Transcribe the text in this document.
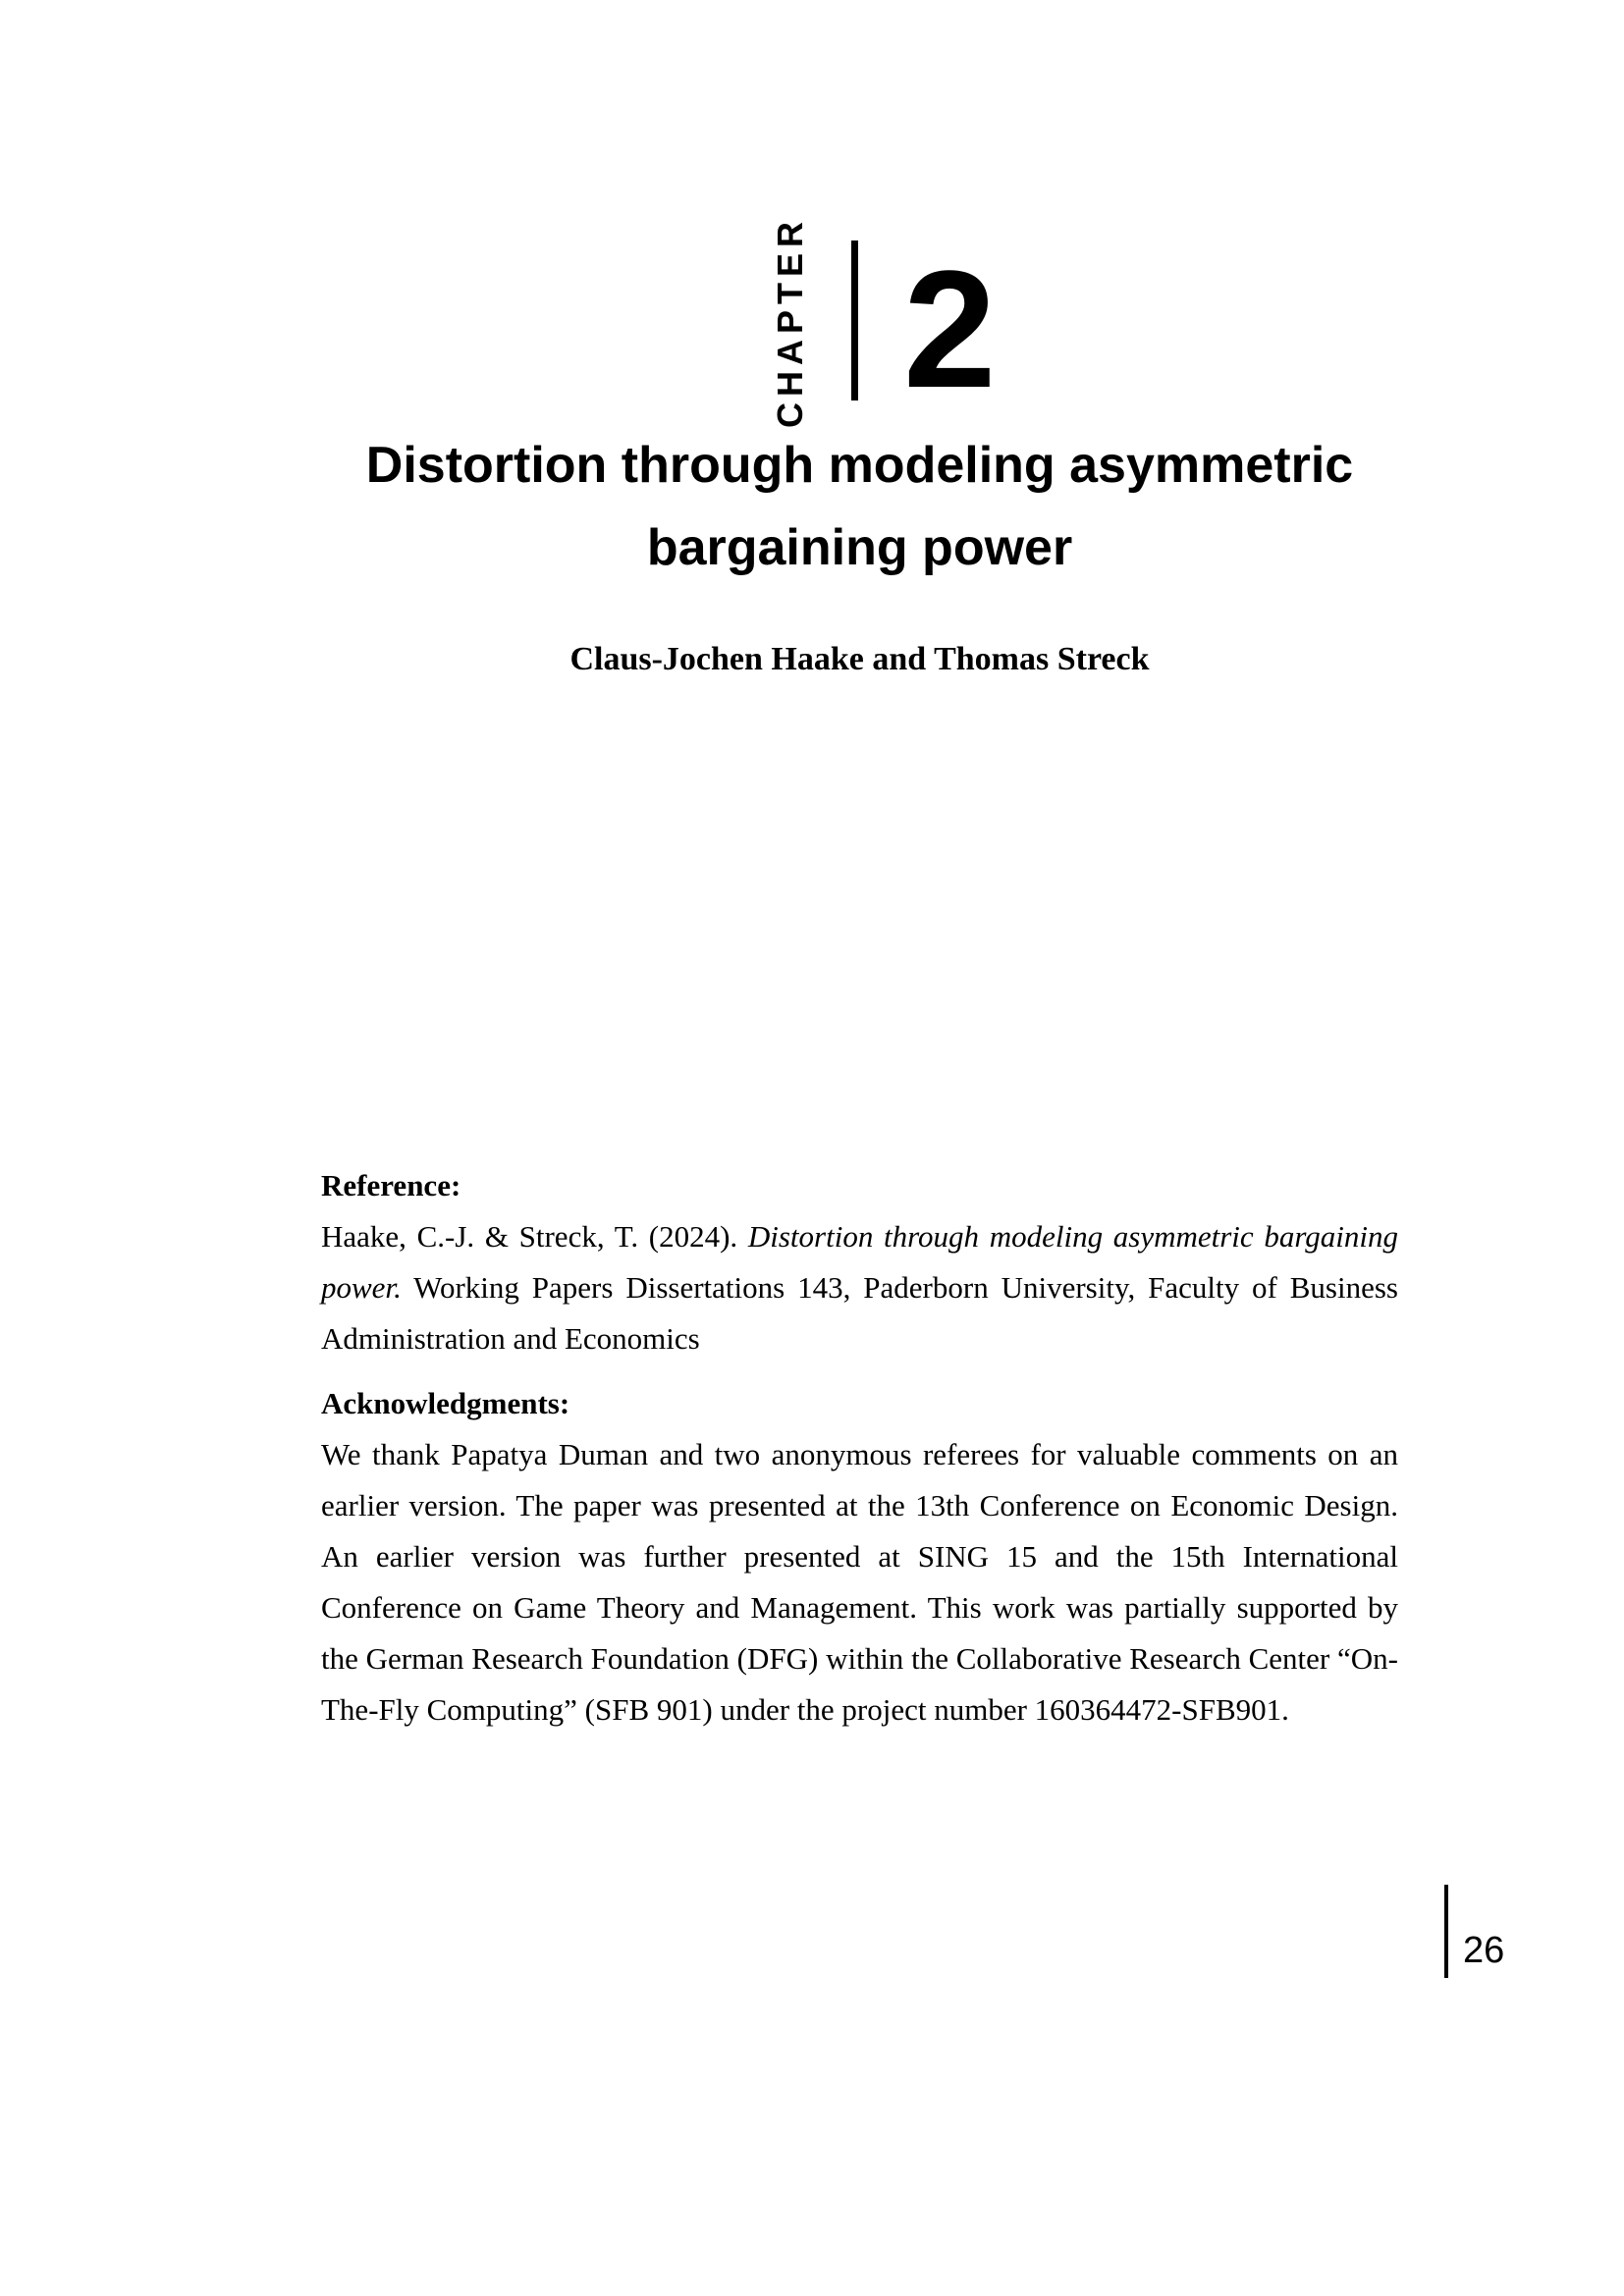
CHAPTER 2
Distortion through modeling asymmetric
bargaining power
Claus-Jochen Haake and Thomas Streck
Reference:

Haake, C.-J. & Streck, T. (2024). Distortion through modeling asymmetric bargaining power. Working Papers Dissertations 143, Paderborn University, Faculty of Business Administration and Economics

Acknowledgments:

We thank Papatya Duman and two anonymous referees for valuable comments on an earlier version. The paper was presented at the 13th Conference on Economic Design. An earlier version was further presented at SING 15 and the 15th International Conference on Game Theory and Management. This work was partially supported by the German Research Foundation (DFG) within the Collaborative Research Center “On-The-Fly Computing” (SFB 901) under the project number 160364472-SFB901.

26
